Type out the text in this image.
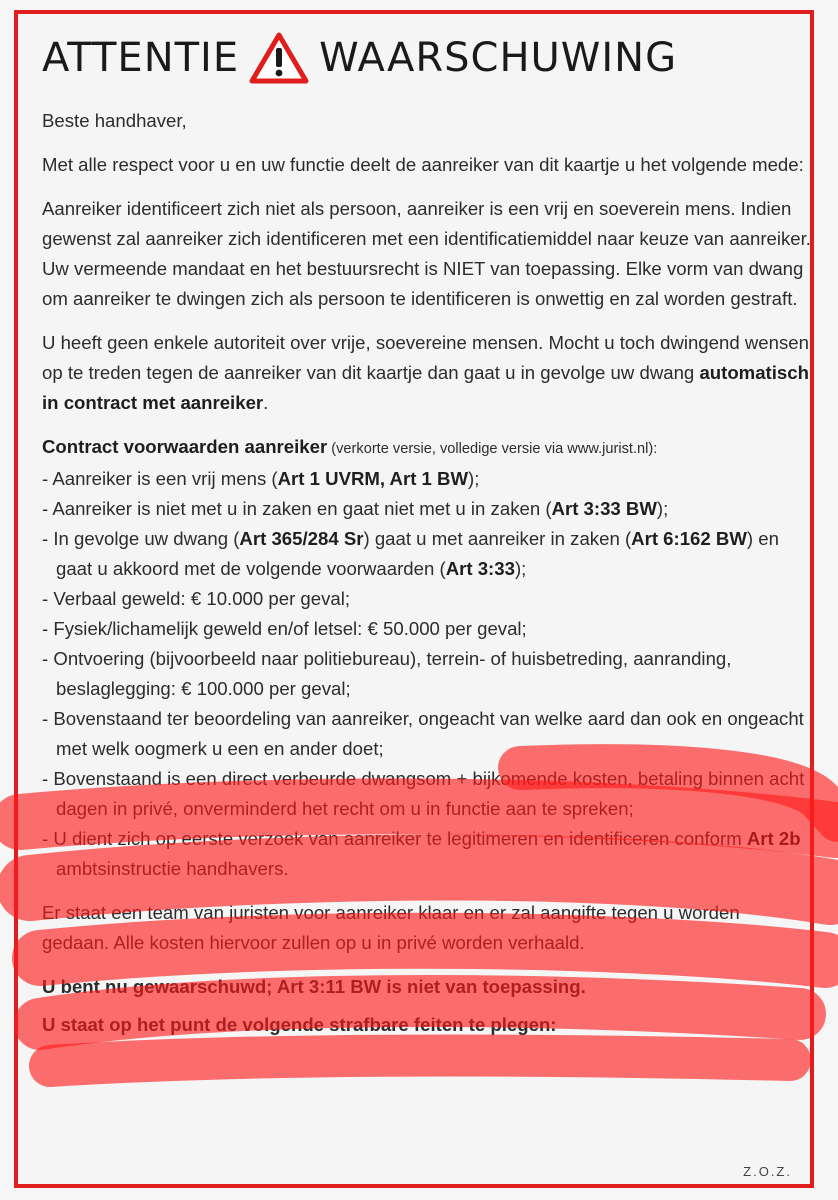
ATTENTIE WAARSCHUWING

Beste handhaver,

Met alle respect voor u en uw functie deelt de aanreiker van dit kaartje u het volgende mede:

Aanreiker identificeert zich niet als persoon, aanreiker is een vrij en soeverein mens. Indien gewenst zal aanreiker zich identificeren met een identificatiemiddel naar keuze van aanreiker. Uw vermeende mandaat en het bestuursrecht is NIET van toepassing. Elke vorm van dwang om aanreiker te dwingen zich als persoon te identificeren is onwettig en zal worden gestraft.

U heeft geen enkele autoriteit over vrije, soevereine mensen. Mocht u toch dwingend wensen op te treden tegen de aanreiker van dit kaartje dan gaat u in gevolge uw dwang automatisch in contract met aanreiker.

Contract voorwaarden aanreiker (verkorte versie, volledige versie via www.jurist.nl):
- Aanreiker is een vrij mens (Art 1 UVRM, Art 1 BW);
- Aanreiker is niet met u in zaken en gaat niet met u in zaken (Art 3:33 BW);
- In gevolge uw dwang (Art 365/284 Sr) gaat u met aanreiker in zaken (Art 6:162 BW) en gaat u akkoord met de volgende voorwaarden (Art 3:33);
- Verbaal geweld: € 10.000 per geval;
- Fysiek/lichamelijk geweld en/of letsel: € 50.000 per geval;
- Ontvoering (bijvoorbeeld naar politiebureau), terrein- of huisbetreding, aanranding, beslaglegging: € 100.000 per geval;
- Bovenstaand ter beoordeling van aanreiker, ongeacht van welke aard dan ook en ongeacht met welk oogmerk u een en ander doet;
- Bovenstaand is een direct verbeurde dwangsom + bijkomende kosten, betaling binnen acht dagen in privé, onverminderd het recht om u in functie aan te spreken;
- U dient zich op eerste verzoek van aanreiker te legitimeren en identificeren conform Art 2b ambtsinstructie handhavers.

Er staat een team van juristen voor aanreiker klaar en er zal aangifte tegen u worden gedaan. Alle kosten hiervoor zullen op u in privé worden verhaald.

U bent nu gewaarschuwd; Art 3:11 BW is niet van toepassing.

U staat op het punt de volgende strafbare feiten te plegen:

Z.O.Z.
